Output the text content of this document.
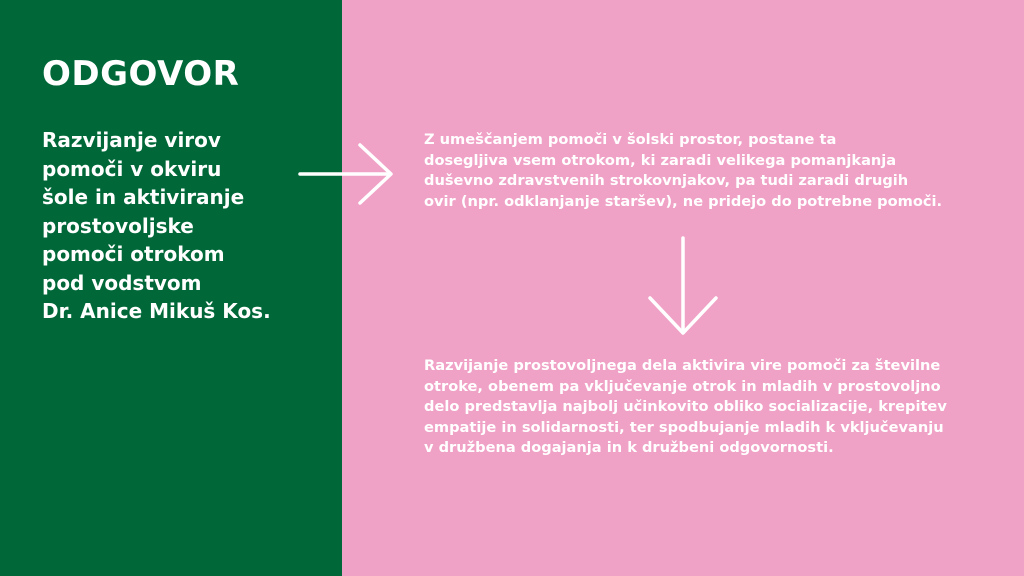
ODGOVOR

Razvijanje virov
pomoči v okviru
šole in aktiviranje
prostovoljske
pomoči otrokom
pod vodstvom
Dr. Anice Mikuš Kos.

Z umeščanjem pomoči v šolski prostor, postane ta
dosegljiva vsem otrokom, ki zaradi velikega pomanjkanja
duševno zdravstvenih strokovnjakov, pa tudi zaradi drugih
ovir (npr. odklanjanje staršev), ne pridejo do potrebne pomoči.

Razvijanje prostovoljnega dela aktivira vire pomoči za številne
otroke, obenem pa vključevanje otrok in mladih v prostovoljno
delo predstavlja najbolj učinkovito obliko socializacije, krepitev
empatije in solidarnosti, ter spodbujanje mladih k vključevanju
v družbena dogajanja in k družbeni odgovornosti.
